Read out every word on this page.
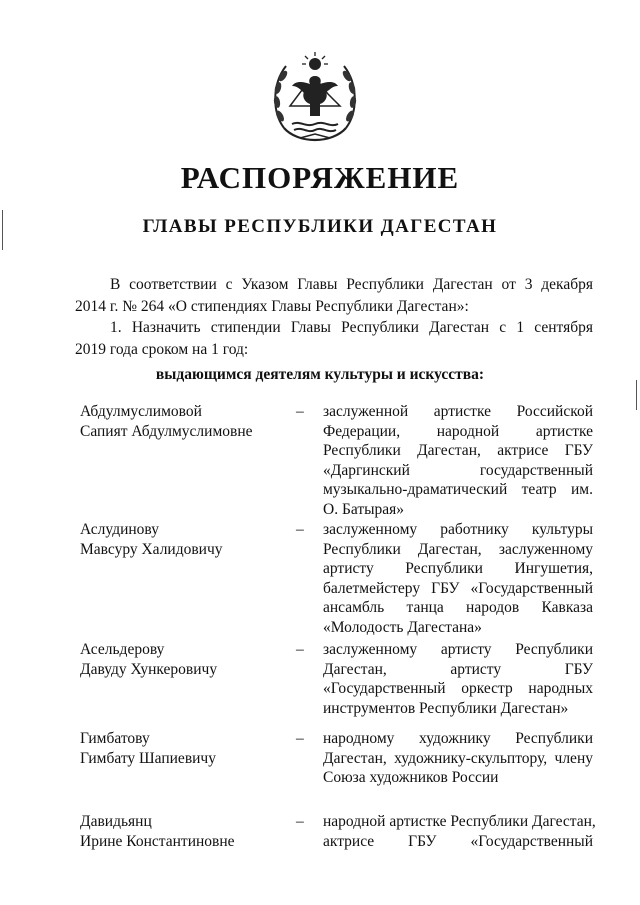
РАСПОРЯЖЕНИЕ
ГЛАВЫ РЕСПУБЛИКИ ДАГЕСТАН
В соответствии с Указом Главы Республики Дагестан от 3 декабря
2014 г. № 264 «О стипендиях Главы Республики Дагестан»:
1. Назначить стипендии Главы Республики Дагестан с 1 сентября
2019 года сроком на 1 год:
выдающимся деятелям культуры и искусства:
Абдулмуслимовой
Сапият Абдулмуслимовне
– заслуженной артистке Российской
Федерации, народной артистке
Республики Дагестан, актрисе ГБУ
«Даргинский государственный
музыкально-драматический театр им.
О. Батырая»
Аслудинову
Мавсуру Халидовичу
– заслуженному работнику культуры
Республики Дагестан, заслуженному
артисту Республики Ингушетия,
балетмейстеру ГБУ «Государственный
ансамбль танца народов Кавказа
«Молодость Дагестана»
Асельдерову
Давуду Хункеровичу
– заслуженному артисту Республики
Дагестан, артисту ГБУ
«Государственный оркестр народных
инструментов Республики Дагестан»
Гимбатову
Гимбату Шапиевичу
– народному художнику Республики
Дагестан, художнику-скульптору, члену
Союза художников России
Давидьянц
Ирине Константиновне
– народной артистке Республики Дагестан,
актрисе ГБУ «Государственный
